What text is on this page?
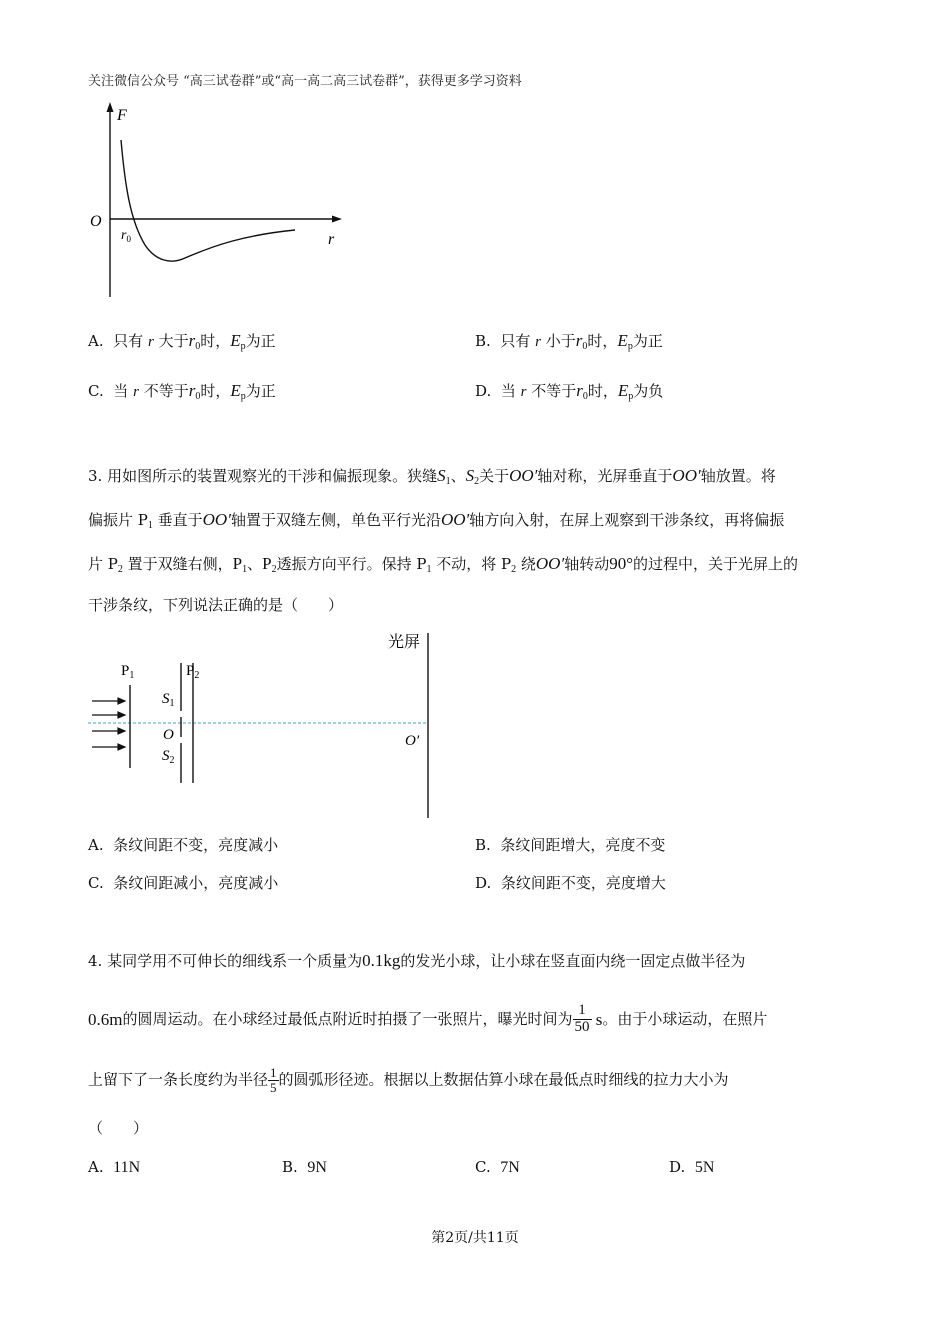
关注微信公众号 “高三试卷群”或“高一高二高三试卷群”，获得更多学习资料
F
O
r
$r_0$
A. 只有 r 大于$r_0$时，$E_p$为正	B. 只有 r 小于$r_0$时，$E_p$为正
C. 当 r 不等于$r_0$时，$E_p$为正	D. 当 r 不等于$r_0$时，$E_p$为负
3. 用如图所示的装置观察光的干涉和偏振现象。狭缝$S_1$、$S_2$关于OO′轴对称，光屏垂直于OO′轴放置。将
偏振片 $P_1$ 垂直于OO′轴置于双缝左侧，单色平行光沿OO′轴方向入射，在屏上观察到干涉条纹，再将偏振
片 $P_2$ 置于双缝右侧，$P_1$、$P_2$透振方向平行。保持 $P_1$ 不动，将 $P_2$ 绕OO′轴转动90°的过程中，关于光屏上的
干涉条纹，下列说法正确的是（　　）
光屏
$P_1$	$P_2$
$S_1$
O
$S_2$
O′
A. 条纹间距不变，亮度减小	B. 条纹间距增大，亮度不变
C. 条纹间距减小，亮度减小	D. 条纹间距不变，亮度增大
4. 某同学用不可伸长的细线系一个质量为0.1kg的发光小球，让小球在竖直面内绕一固定点做半径为
0.6m的圆周运动。在小球经过最低点附近时拍摄了一张照片，曝光时间为 $\frac{1}{50}$ s。由于小球运动，在照片
上留下了一条长度约为半径 $\frac{1}{5}$ 的圆弧形径迹。根据以上数据估算小球在最低点时细线的拉力大小为
（　　）
A. 11N	B. 9N	C. 7N	D. 5N
第2页/共11页
